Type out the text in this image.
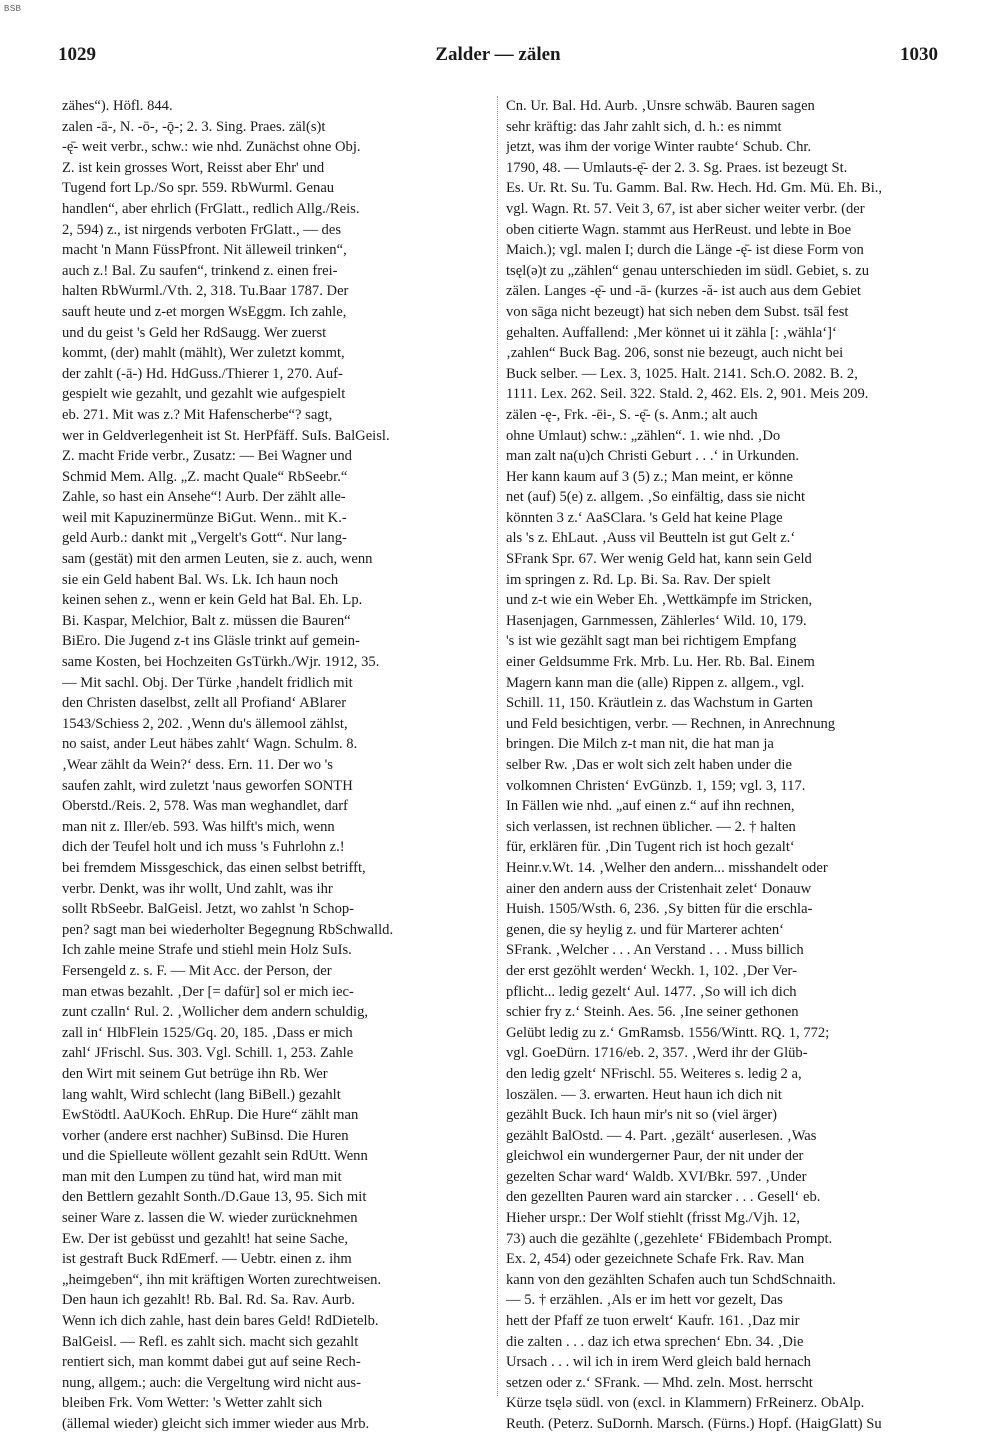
BSB
1029	Zalder — zälen	1030
zähes“). Höfl. 844.
zalen -ā-, N. -ō-, -ǭ-; 2. 3. Sing. Praes. zäl(s)t
-ę̄- weit verbr., schw.: wie nhd. Zunächst ohne Obj.
Z. ist kein grosses Wort, Reisst aber Ehr' und
Tugend fort Lp./So spr. 559. RbWurml. Genau
handlen“, aber ehrlich (FrGlatt., redlich Allg./Reis.
2, 594) z., ist nirgends verboten FrGlatt., — des
macht 'n Mann FüssPfront. Nit älleweil trinken“,
auch z.! Bal. Zu saufen“, trinkend z. einen frei-
halten RbWurml./Vth. 2, 318. Tu.Baar 1787. Der
sauft heute und z-et morgen WsEggm. Ich zahle,
und du geist 's Geld her RdSaugg. Wer zuerst
kommt, (der) mahlt (mählt), Wer zuletzt kommt,
der zahlt (-ā-) Hd. HdGuss./Thierer 1, 270. Auf-
gespielt wie gezahlt, und gezahlt wie aufgespielt
eb. 271. Mit was z.? Mit Hafenscherbe“? sagt,
wer in Geldverlegenheit ist St. HerPfäff. SuIs. BalGeisl.
Z. macht Fride verbr., Zusatz: — Bei Wagner und
Schmid Mem. Allg. „Z. macht Quale“ RbSeebr.“
Zahle, so hast ein Ansehe“! Aurb. Der zählt alle-
weil mit Kapuzinermünze BiGut. Wenn.. mit K.-
geld Aurb.: dankt mit „Vergelt's Gott“. Nur lang-
sam (gestät) mit den armen Leuten, sie z. auch, wenn
sie ein Geld habent Bal. Ws. Lk. Ich haun noch
keinen sehen z., wenn er kein Geld hat Bal. Eh. Lp.
Bi. Kaspar, Melchior, Balt z. müssen die Bauren“
BiEro. Die Jugend z-t ins Gläsle trinkt auf gemein-
same Kosten, bei Hochzeiten GsTürkh./Wjr. 1912, 35.
— Mit sachl. Obj. Der Türke ‚handelt fridlich mit
den Christen daselbst, zellt all Profiand‘ ABlarer
1543/Schiess 2, 202. ‚Wenn du's ällemool zählst,
no saist, ander Leut häbes zahlt‘ Wagn. Schulm. 8.
‚Wear zählt da Wein?‘ dess. Ern. 11. Der wo 's
saufen zahlt, wird zuletzt 'naus geworfen SONTH
Oberstd./Reis. 2, 578. Was man weghandlet, darf
man nit z. Iller/eb. 593. Was hilft's mich, wenn
dich der Teufel holt und ich muss 's Fuhrlohn z.!
bei fremdem Missgeschick, das einen selbst betrifft,
verbr. Denkt, was ihr wollt, Und zahlt, was ihr
sollt RbSeebr. BalGeisl. Jetzt, wo zahlst 'n Schop-
pen? sagt man bei wiederholter Begegnung RbSchwalld.
Ich zahle meine Strafe und stiehl mein Holz SuIs.
Fersengeld z. s. F. — Mit Acc. der Person, der
man etwas bezahlt. ‚Der [= dafür] sol er mich iec-
zunt czalln‘ Rul. 2. ‚Wollicher dem andern schuldig,
zall in‘ HlbFlein 1525/Gq. 20, 185. ‚Dass er mich
zahl‘ JFrischl. Sus. 303. Vgl. Schill. 1, 253. Zahle
den Wirt mit seinem Gut betrüge ihn Rb. Wer
lang wahlt, Wird schlecht (lang BiBell.) gezahlt
EwStödtl. AaUKoch. EhRup. Die Hure“ zählt man
vorher (andere erst nachher) SuBinsd. Die Huren
und die Spielleute wöllent gezahlt sein RdUtt. Wenn
man mit den Lumpen zu tünd hat, wird man mit
den Bettlern gezahlt Sonth./D.Gaue 13, 95. Sich mit
seiner Ware z. lassen die W. wieder zurücknehmen
Ew. Der ist gebüsst und gezahlt! hat seine Sache,
ist gestraft Buck RdEmerf. — Uebtr. einen z. ihm
„heimgeben“, ihn mit kräftigen Worten zurechtweisen.
Den haun ich gezahlt! Rb. Bal. Rd. Sa. Rav. Aurb.
Wenn ich dich zahle, hast dein bares Geld! RdDietelb.
BalGeisl. — Refl. es zahlt sich. macht sich gezahlt
rentiert sich, man kommt dabei gut auf seine Rech-
nung, allgem.; auch: die Vergeltung wird nicht aus-
bleiben Frk. Vom Wetter: 's Wetter zahlt sich
(ällemal wieder) gleicht sich immer wieder aus Mrb.
Cn. Ur. Bal. Hd. Aurb. ‚Unsre schwäb. Bauren sagen
sehr kräftig: das Jahr zahlt sich, d. h.: es nimmt
jetzt, was ihm der vorige Winter raubte‘ Schub. Chr.
1790, 48. — Umlauts-ę̄- der 2. 3. Sg. Praes. ist bezeugt St.
Es. Ur. Rt. Su. Tu. Gamm. Bal. Rw. Hech. Hd. Gm. Mü. Eh. Bi.,
vgl. Wagn. Rt. 57. Veit 3, 67, ist aber sicher weiter verbr. (der
oben citierte Wagn. stammt aus HerReust. und lebte in Boe
Maich.); vgl. malen I; durch die Länge -ę̄- ist diese Form von
tsęl(ə)t zu „zählen“ genau unterschieden im südl. Gebiet, s. zu
zälen. Langes -ę̄- und -ā- (kurzes -ă- ist auch aus dem Gebiet
von sāga nicht bezeugt) hat sich neben dem Subst. tsāl fest
gehalten. Auffallend: ‚Mer könnet ui it zähla [: ‚wähla‘]‘
‚zahlen“ Buck Bag. 206, sonst nie bezeugt, auch nicht bei
Buck selber. — Lex. 3, 1025. Halt. 2141. Sch.O. 2082. B. 2,
1111. Lex. 262. Seil. 322. Stald. 2, 462. Els. 2, 901. Meis 209.
zälen -ę-, Frk. -ēi-, S. -ę̄- (s. Anm.; alt auch
ohne Umlaut) schw.: „zählen“. 1. wie nhd. ‚Do
man zalt na(u)ch Christi Geburt . . .‘ in Urkunden.
Her kann kaum auf 3 (5) z.; Man meint, er könne
net (auf) 5(e) z. allgem. ‚So einfältig, dass sie nicht
könnten 3 z.‘ AaSClara. 's Geld hat keine Plage
als 's z. EhLaut. ‚Auss vil Beutteln ist gut Gelt z.‘
SFrank Spr. 67. Wer wenig Geld hat, kann sein Geld
im springen z. Rd. Lp. Bi. Sa. Rav. Der spielt
und z-t wie ein Weber Eh. ‚Wettkämpfe im Stricken,
Hasenjagen, Garnmessen, Zählerles‘ Wild. 10, 179.
's ist wie gezählt sagt man bei richtigem Empfang
einer Geldsumme Frk. Mrb. Lu. Her. Rb. Bal. Einem
Magern kann man die (alle) Rippen z. allgem., vgl.
Schill. 11, 150. Kräutlein z. das Wachstum in Garten
und Feld besichtigen, verbr. — Rechnen, in Anrechnung
bringen. Die Milch z-t man nit, die hat man ja
selber Rw. ‚Das er wolt sich zelt haben under die
volkomnen Christen‘ EvGünzb. 1, 159; vgl. 3, 117.
In Fällen wie nhd. „auf einen z.“ auf ihn rechnen,
sich verlassen, ist rechnen üblicher. — 2. † halten
für, erklären für. ‚Din Tugent rich ist hoch gezalt‘
Heinr.v.Wt. 14. ‚Welher den andern... misshandelt oder
ainer den andern auss der Cristenhait zelet‘ Donauw
Huish. 1505/Wsth. 6, 236. ‚Sy bitten für die erschla-
genen, die sy heylig z. und für Marterer achten‘
SFrank. ‚Welcher . . . An Verstand . . . Muss billich
der erst gezöhlt werden‘ Weckh. 1, 102. ‚Der Ver-
pflicht... ledig gezelt‘ Aul. 1477. ‚So will ich dich
schier fry z.‘ Steinh. Aes. 56. ‚Ine seiner gethonen
Gelübt ledig zu z.‘ GmRamsb. 1556/Wintt. RQ. 1, 772;
vgl. GoeDürn. 1716/eb. 2, 357. ‚Werd ihr der Glüb-
den ledig gzelt‘ NFrischl. 55. Weiteres s. ledig 2 a,
loszälen. — 3. erwarten. Heut haun ich dich nit
gezählt Buck. Ich haun mir's nit so (viel ärger)
gezählt BalOstd. — 4. Part. ‚gezält‘ auserlesen. ‚Was
gleichwol ein wundergerner Paur, der nit under der
gezelten Schar ward‘ Waldb. XVI/Bkr. 597. ‚Under
den gezellten Pauren ward ain starcker . . . Gesell‘ eb.
Hieher urspr.: Der Wolf stiehlt (frisst Mg./Vjh. 12,
73) auch die gezählte (‚gezehlete‘ FBidembach Prompt.
Ex. 2, 454) oder gezeichnete Schafe Frk. Rav. Man
kann von den gezählten Schafen auch tun SchdSchnaith.
— 5. † erzählen. ‚Als er im hett vor gezelt, Das
hett der Pfaff ze tuon erwelt‘ Kaufr. 161. ‚Daz mir
die zalten . . . daz ich etwa sprechen‘ Ebn. 34. ‚Die
Ursach . . . wil ich in irem Werd gleich bald hernach
setzen oder z.‘ SFrank. — Mhd. zeln. Most. herrscht
Kürze tsęlə südl. von (excl. in Klammern) FrReinerz. ObAlp.
Reuth. (Peterz. SuDornh. Marsch. (Fürns.) Hopf. (HaigGlatt) Su
